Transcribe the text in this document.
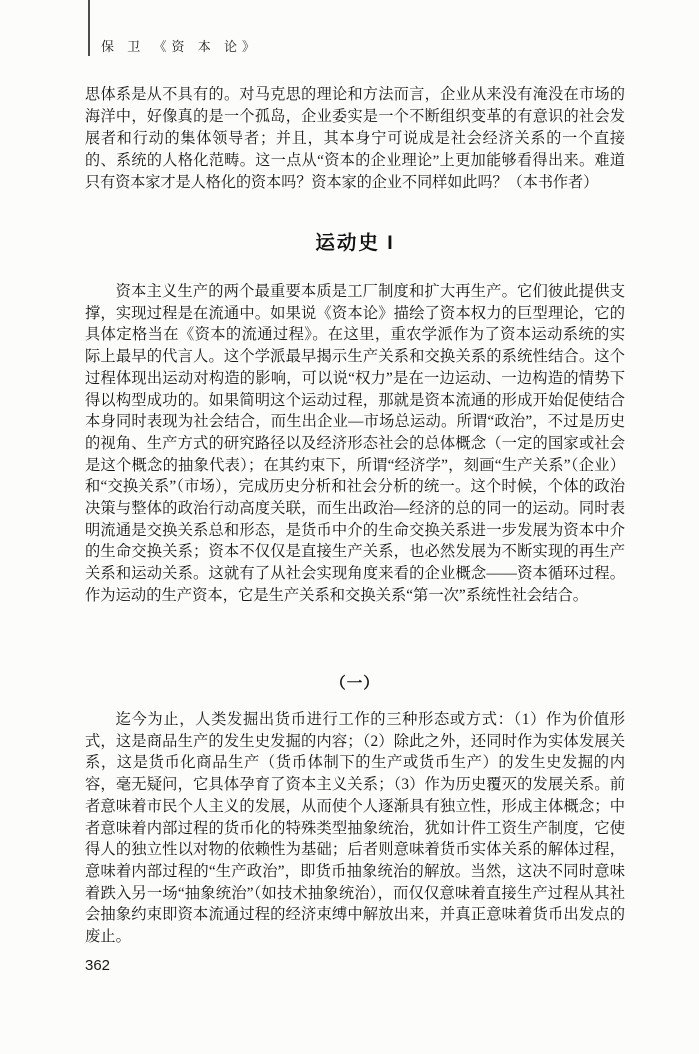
保 卫 《资 本 论》
思体系是从不具有的。对马克思的理论和方法而言，企业从来没有淹没在市场的海洋中，好像真的是一个孤岛，企业委实是一个不断组织变革的有意识的社会发展者和行动的集体领导者；并且，其本身宁可说成是社会经济关系的一个直接的、系统的人格化范畴。这一点从“资本的企业理论”上更加能够看得出来。难道只有资本家才是人格化的资本吗？资本家的企业不同样如此吗？（本书作者）
运动史 I
资本主义生产的两个最重要本质是工厂制度和扩大再生产。它们彼此提供支撑，实现过程是在流通中。如果说《资本论》描绘了资本权力的巨型理论，它的具体定格当在《资本的流通过程》。在这里，重农学派作为了资本运动系统的实际上最早的代言人。这个学派最早揭示生产关系和交换关系的系统性结合。这个过程体现出运动对构造的影响，可以说“权力”是在一边运动、一边构造的情势下得以构型成功的。如果简明这个运动过程，那就是资本流通的形成开始促使结合本身同时表现为社会结合，而生出企业—市场总运动。所谓“政治”，不过是历史的视角、生产方式的研究路径以及经济形态社会的总体概念（一定的国家或社会是这个概念的抽象代表）；在其约束下，所谓“经济学”，刻画“生产关系”（企业）和“交换关系”（市场），完成历史分析和社会分析的统一。这个时候，个体的政治决策与整体的政治行动高度关联，而生出政治—经济的总的同一的运动。同时表明流通是交换关系总和形态，是货币中介的生命交换关系进一步发展为资本中介的生命交换关系；资本不仅仅是直接生产关系，也必然发展为不断实现的再生产关系和运动关系。这就有了从社会实现角度来看的企业概念——资本循环过程。作为运动的生产资本，它是生产关系和交换关系“第一次”系统性社会结合。
（一）
迄今为止，人类发掘出货币进行工作的三种形态或方式：（1）作为价值形式，这是商品生产的发生史发掘的内容；（2）除此之外，还同时作为实体发展关系，这是货币化商品生产（货币体制下的生产或货币生产）的发生史发掘的内容，毫无疑问，它具体孕育了资本主义关系；（3）作为历史覆灭的发展关系。前者意味着市民个人主义的发展，从而使个人逐渐具有独立性，形成主体概念；中者意味着内部过程的货币化的特殊类型抽象统治，犹如计件工资生产制度，它使得人的独立性以对物的依赖性为基础；后者则意味着货币实体关系的解体过程，意味着内部过程的“生产政治”，即货币抽象统治的解放。当然，这决不同时意味着跌入另一场“抽象统治”（如技术抽象统治），而仅仅意味着直接生产过程从其社会抽象约束即资本流通过程的经济束缚中解放出来，并真正意味着货币出发点的废止。
362
